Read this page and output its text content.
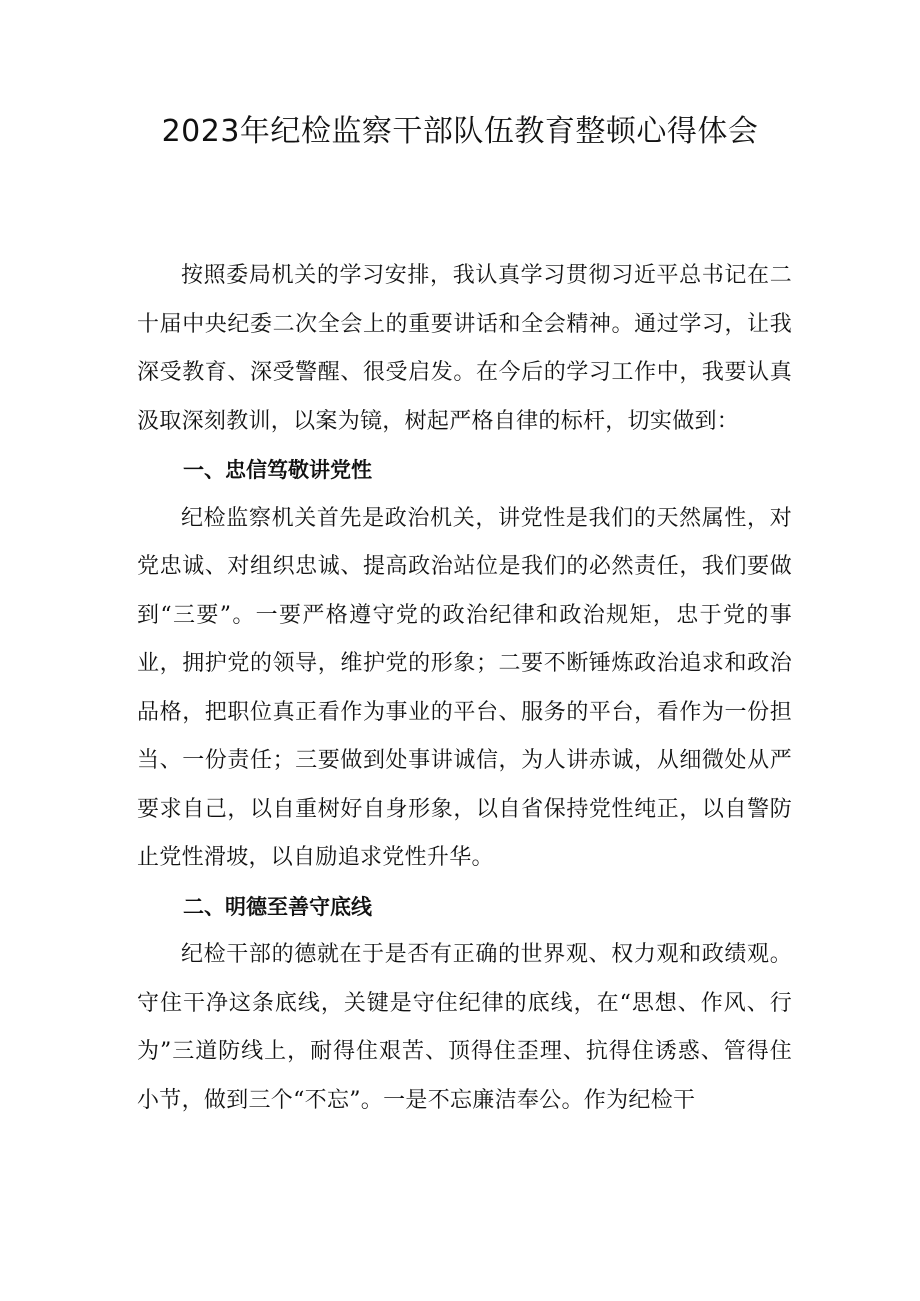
2023年纪检监察干部队伍教育整顿心得体会

按照委局机关的学习安排，我认真学习贯彻习近平总书记在二十届中央纪委二次全会上的重要讲话和全会精神。通过学习，让我深受教育、深受警醒、很受启发。在今后的学习工作中，我要认真汲取深刻教训，以案为镜，树起严格自律的标杆，切实做到：

一、忠信笃敬讲党性

纪检监察机关首先是政治机关，讲党性是我们的天然属性，对党忠诚、对组织忠诚、提高政治站位是我们的必然责任，我们要做到“三要”。一要严格遵守党的政治纪律和政治规矩，忠于党的事业，拥护党的领导，维护党的形象；二要不断锤炼政治追求和政治品格，把职位真正看作为事业的平台、服务的平台，看作为一份担当、一份责任；三要做到处事讲诚信，为人讲赤诚，从细微处从严要求自己，以自重树好自身形象，以自省保持党性纯正，以自警防止党性滑坡，以自励追求党性升华。

二、明德至善守底线

纪检干部的德就在于是否有正确的世界观、权力观和政绩观。守住干净这条底线，关键是守住纪律的底线，在“思想、作风、行为”三道防线上，耐得住艰苦、顶得住歪理、抗得住诱惑、管得住小节，做到三个“不忘”。一是不忘廉洁奉公。作为纪检干
